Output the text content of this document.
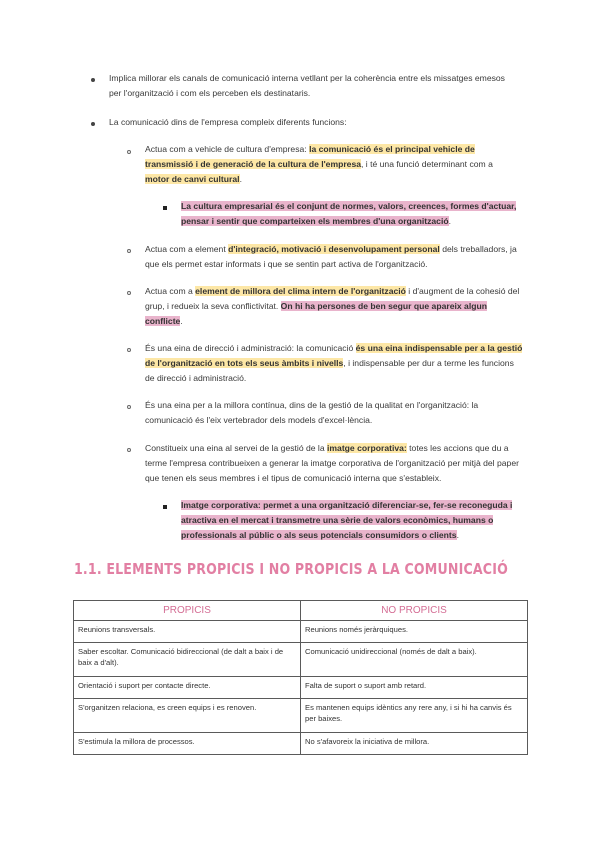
Implica millorar els canals de comunicació interna vetllant per la coherència entre els missatges emesos per l'organització i com els perceben els destinataris.
La comunicació dins de l'empresa compleix diferents funcions:
Actua com a vehicle de cultura d'empresa: la comunicació és el principal vehicle de transmissió i de generació de la cultura de l'empresa, i té una funció determinant com a motor de canvi cultural.
La cultura empresarial és el conjunt de normes, valors, creences, formes d'actuar, pensar i sentir que comparteixen els membres d'una organització.
Actua com a element d'integració, motivació i desenvolupament personal dels treballadors, ja que els permet estar informats i que se sentin part activa de l'organització.
Actua com a element de millora del clima intern de l'organització i d'augment de la cohesió del grup, i redueix la seva conflictivitat. On hi ha persones de ben segur que apareix algun conflicte.
És una eina de direcció i administració: la comunicació és una eina indispensable per a la gestió de l'organització en tots els seus àmbits i nivells, i indispensable per dur a terme les funcions de direcció i administració.
És una eina per a la millora contínua, dins de la gestió de la qualitat en l'organització: la comunicació és l'eix vertebrador dels models d'excel·lència.
Constitueix una eina al servei de la gestió de la imatge corporativa: totes les accions que du a terme l'empresa contribueixen a generar la imatge corporativa de l'organització per mitjà del paper que tenen els seus membres i el tipus de comunicació interna que s'estableix.
Imatge corporativa: permet a una organització diferenciar-se, fer-se reconeguda i atractiva en el mercat i transmetre una sèrie de valors econòmics, humans o professionals al públic o als seus potencials consumidors o clients.
1.1. ELEMENTS PROPICIS I NO PROPICIS A LA COMUNICACIÓ
PROPICIS	NO PROPICIS
Reunions transversals.	Reunions només jeràrquiques.
Saber escoltar. Comunicació bidireccional (de dalt a baix i de baix a d'alt).	Comunicació unidireccional (només de dalt a baix).
Orientació i suport per contacte directe.	Falta de suport o suport amb retard.
S'organitzen relaciona, es creen equips i es renoven.	Es mantenen equips idèntics any rere any, i si hi ha canvis és per baixes.
S'estimula la millora de processos.	No s'afavoreix la iniciativa de millora.
